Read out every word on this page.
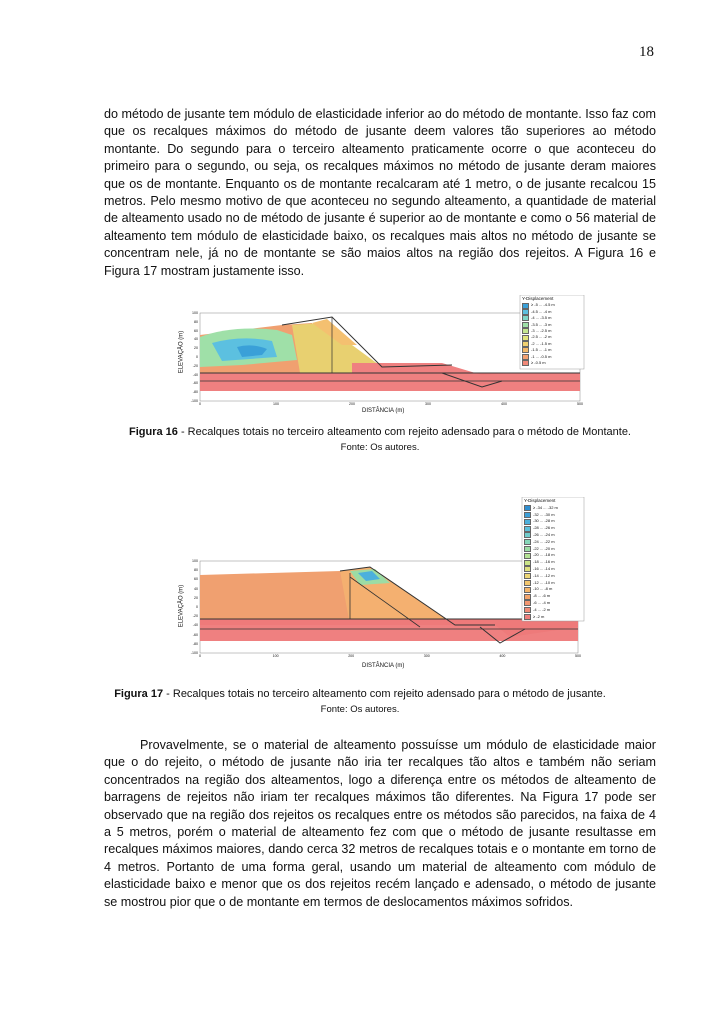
18

do método de jusante tem módulo de elasticidade inferior ao do método de montante. Isso faz com que os recalques máximos do método de jusante deem valores tão superiores ao método montante. Do segundo para o terceiro alteamento praticamente ocorre o que aconteceu do primeiro para o segundo, ou seja, os recalques máximos no método de jusante deram maiores que os de montante. Enquanto os de montante recalcaram até 1 metro, o de jusante recalcou 15 metros. Pelo mesmo motivo de que aconteceu no segundo alteamento, a quantidade de material de alteamento usado no de método de jusante é superior ao de montante e como o 56 material de alteamento tem módulo de elasticidade baixo, os recalques mais altos no método de jusante se concentram nele, já no de montante se são maios altos na região dos rejeitos. A Figura 16 e Figura 17 mostram justamente isso.

Y-Displacement
≥ -5 ... -4.5 m
-4.5 ... -4 m
-4 ... -3.5 m
-3.5 ... -3 m
-3 ... -2.5 m
-2.5 ... -2 m
-2 ... -1.5 m
-1.5 ... -1 m
-1 ... -0.5 m
≥ -0.5 m
ELEVAÇÃO (m)
DISTÂNCIA (m)
0	100	200	300	400	500
100
80
60
40
20
0
-20
-40
-60
-80
-100

Figura 16 - Recalques totais no terceiro alteamento com rejeito adensado para o método de Montante. Fonte: Os autores.

Y-Displacement
≥ -34 ... -32 m
-32 ... -30 m
-30 ... -28 m
-28 ... -26 m
-26 ... -24 m
-24 ... -22 m
-22 ... -20 m
-20 ... -18 m
-18 ... -16 m
-16 ... -14 m
-14 ... -12 m
-12 ... -10 m
-10 ... -8 m
-8 ... -6 m
-6 ... -4 m
-4 ... -2 m
≥ -2 m
ELEVAÇÃO (m)
DISTÂNCIA (m)
0	100	200	300	400	500
100
80
60
40
20
0
-20
-40
-60
-80
-100

Figura 17 - Recalques totais no terceiro alteamento com rejeito adensado para o método de jusante. Fonte: Os autores.

Provavelmente, se o material de alteamento possuísse um módulo de elasticidade maior que o do rejeito, o método de jusante não iria ter recalques tão altos e também não seriam concentrados na região dos alteamentos, logo a diferença entre os métodos de alteamento de barragens de rejeitos não iriam ter recalques máximos tão diferentes. Na Figura 17 pode ser observado que na região dos rejeitos os recalques entre os métodos são parecidos, na faixa de 4 a 5 metros, porém o material de alteamento fez com que o método de jusante resultasse em recalques máximos maiores, dando cerca 32 metros de recalques totais e o montante em torno de 4 metros. Portanto de uma forma geral, usando um material de alteamento com módulo de elasticidade baixo e menor que os dos rejeitos recém lançado e adensado, o método de jusante se mostrou pior que o de montante em termos de deslocamentos máximos sofridos.
